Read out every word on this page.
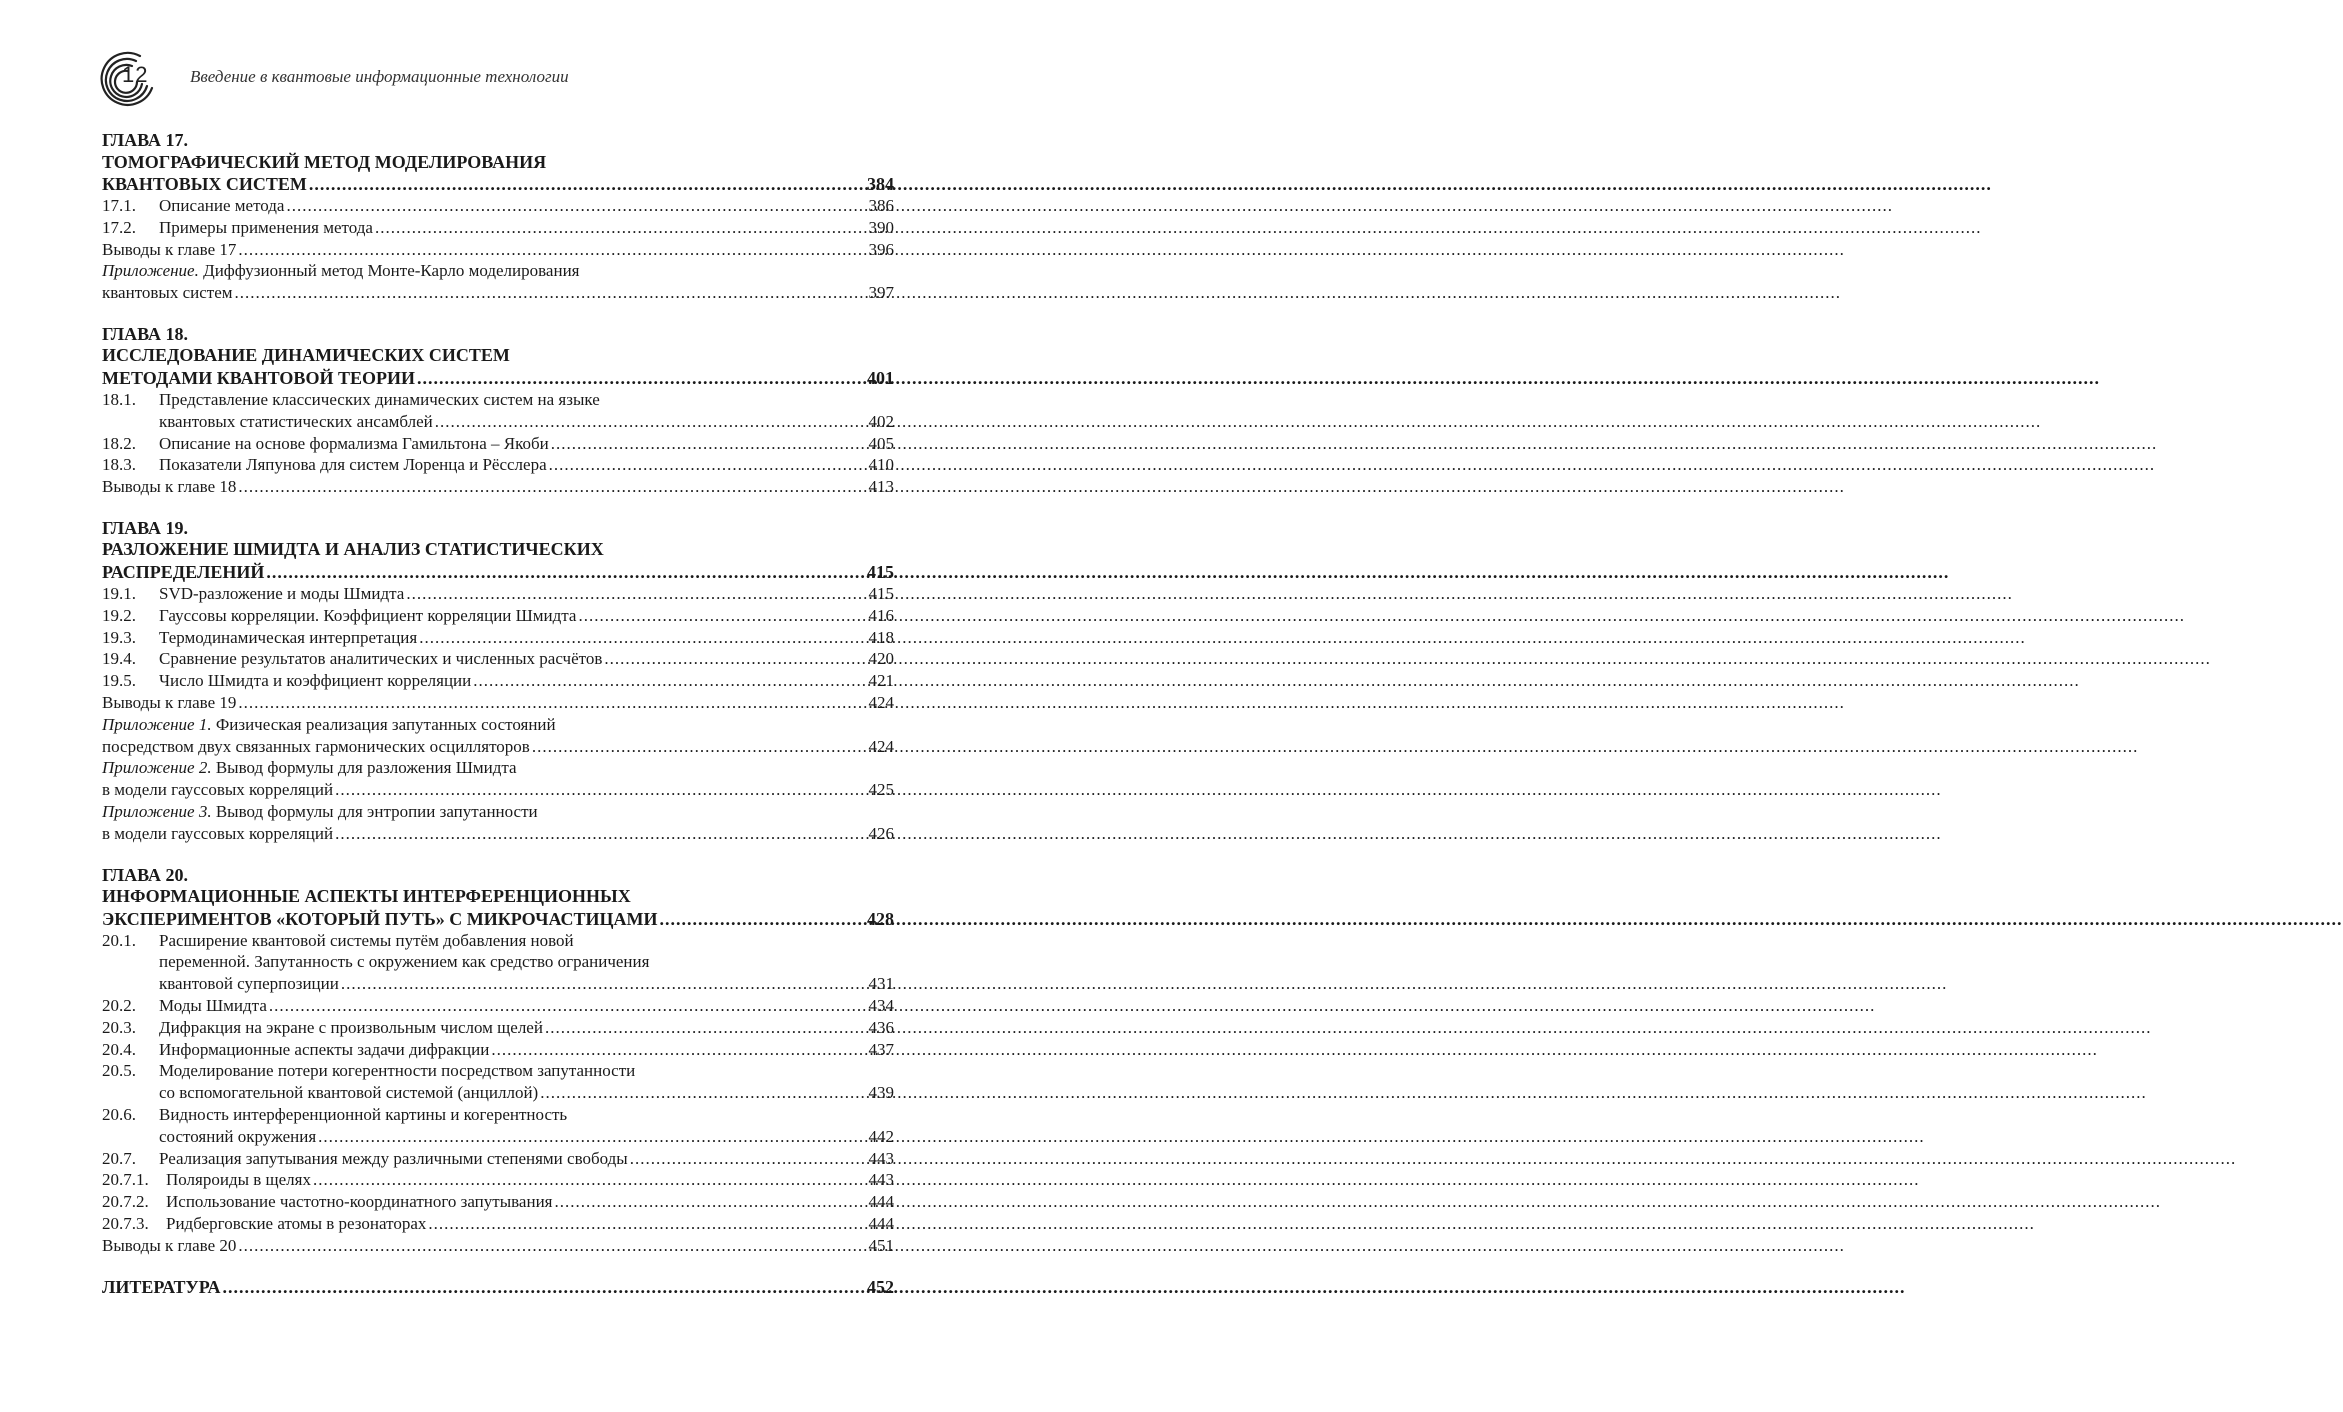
12 Введение в квантовые информационные технологии
ГЛАВА 17.
ТОМОГРАФИЧЕСКИЙ МЕТОД МОДЕЛИРОВАНИЯ
КВАНТОВЫХ СИСТЕМ .....	384
17.1.	Описание метода .....	386
17.2.	Примеры применения метода .....	390
Выводы к главе 17 .....	396
Приложение. Диффузионный метод Монте-Карло моделирования
квантовых систем .....	397
ГЛАВА 18.
ИССЛЕДОВАНИЕ ДИНАМИЧЕСКИХ СИСТЕМ
МЕТОДАМИ КВАНТОВОЙ ТЕОРИИ .....	401
18.1. Представление классических динамических систем на языке
квантовых статистических ансамблей .....	402
18.2.	Описание на основе формализма Гамильтона – Якоби .....	405
18.3.	Показатели Ляпунова для систем Лоренца и Рёсслера .....	410
Выводы к главе 18 .....	413
ГЛАВА 19.
РАЗЛОЖЕНИЕ ШМИДТА И АНАЛИЗ СТАТИСТИЧЕСКИХ
РАСПРЕДЕЛЕНИЙ .....	415
19.1.	SVD-разложение и моды Шмидта .....	415
19.2.	Гауссовы корреляции. Коэффициент корреляции Шмидта .....	416
19.3.	Термодинамическая интерпретация .....	418
19.4.	Сравнение результатов аналитических и численных расчётов .....	420
19.5.	Число Шмидта и коэффициент корреляции .....	421
Выводы к главе 19 .....	424
Приложение 1. Физическая реализация запутанных состояний
посредством двух связанных гармонических осцилляторов .....	424
Приложение 2. Вывод формулы для разложения Шмидта
в модели гауссовых корреляций .....	425
Приложение 3. Вывод формулы для энтропии запутанности
в модели гауссовых корреляций .....	426
ГЛАВА 20.
ИНФОРМАЦИОННЫЕ АСПЕКТЫ ИНТЕРФЕРЕНЦИОННЫХ
ЭКСПЕРИМЕНТОВ «КОТОРЫЙ ПУТЬ» С МИКРОЧАСТИЦАМИ .....	428
20.1. Расширение квантовой системы путём добавления новой
переменной. Запутанность с окружением как средство ограничения
квантовой суперпозиции .....	431
20.2.	Моды Шмидта .....	434
20.3.	Дифракция на экране с произвольным числом щелей .....	436
20.4.	Информационные аспекты задачи дифракции .....	437
20.5. Моделирование потери когерентности посредством запутанности
со вспомогательной квантовой системой (анциллой) .....	439
20.6. Видность интерференционной картины и когерентность
состояний окружения .....	442
20.7.	Реализация запутывания между различными степенями свободы .....	443
20.7.1.	Поляроиды в щелях .....	443
20.7.2.	Использование частотно-координатного запутывания .....	444
20.7.3.	Ридберговские атомы в резонаторах .....	444
Выводы к главе 20 .....	451
ЛИТЕРАТУРА .....	452
